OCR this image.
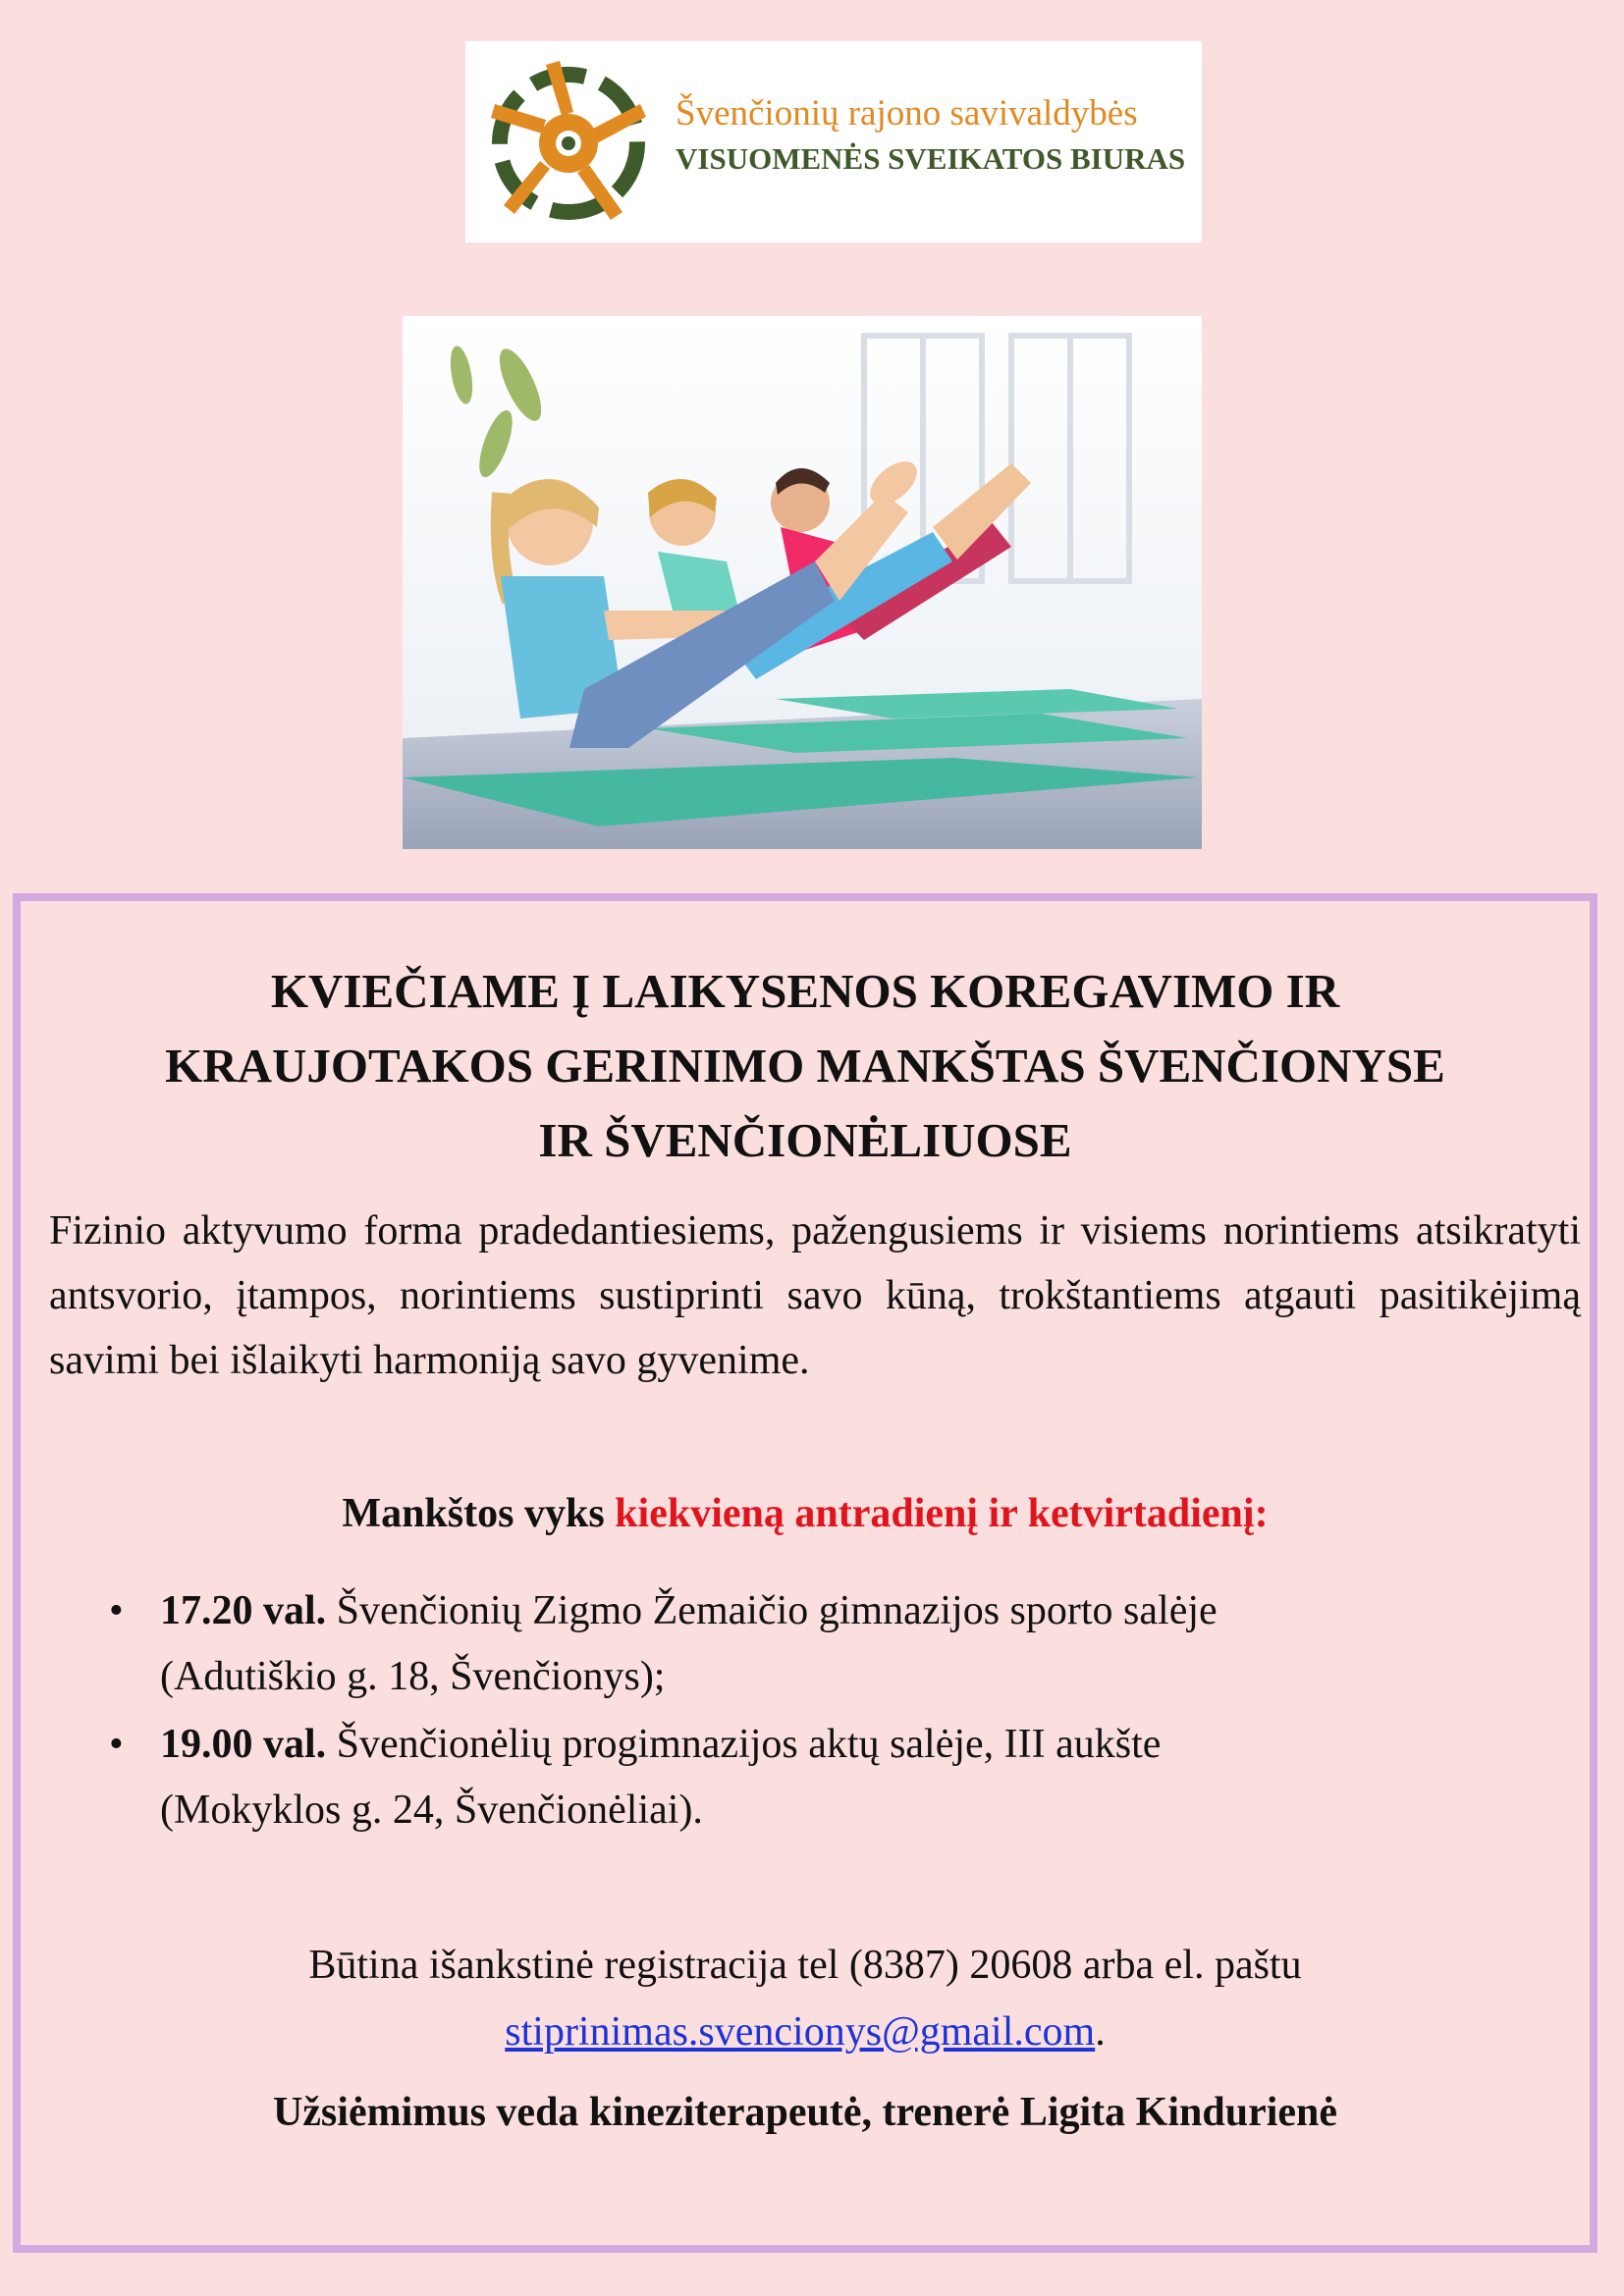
Švenčionių rajono savivaldybės
VISUOMENĖS SVEIKATOS BIURAS
KVIEČIAME Į LAIKYSENOS KOREGAVIMO IR
KRAUJOTAKOS GERINIMO MANKŠTAS ŠVENČIONYSE
IR ŠVENČIONĖLIUOSE
Fizinio aktyvumo forma pradedantiesiems, pažengusiems ir visiems norintiems atsikratyti antsvorio, įtampos, norintiems sustiprinti savo kūną, trokštantiems atgauti pasitikėjimą savimi bei išlaikyti harmoniją savo gyvenime.
Mankštos vyks kiekvieną antradienį ir ketvirtadienį:
• 17.20 val. Švenčionių Zigmo Žemaičio gimnazijos sporto salėje
(Adutiškio g. 18, Švenčionys);
• 19.00 val. Švenčionėlių progimnazijos aktų salėje, III aukšte
(Mokyklos g. 24, Švenčionėliai).
Būtina išankstinė registracija tel (8387) 20608 arba el. paštu
stiprinimas.svencionys@gmail.com.
Užsiėmimus veda kineziterapeutė, trenerė Ligita Kindurienė
